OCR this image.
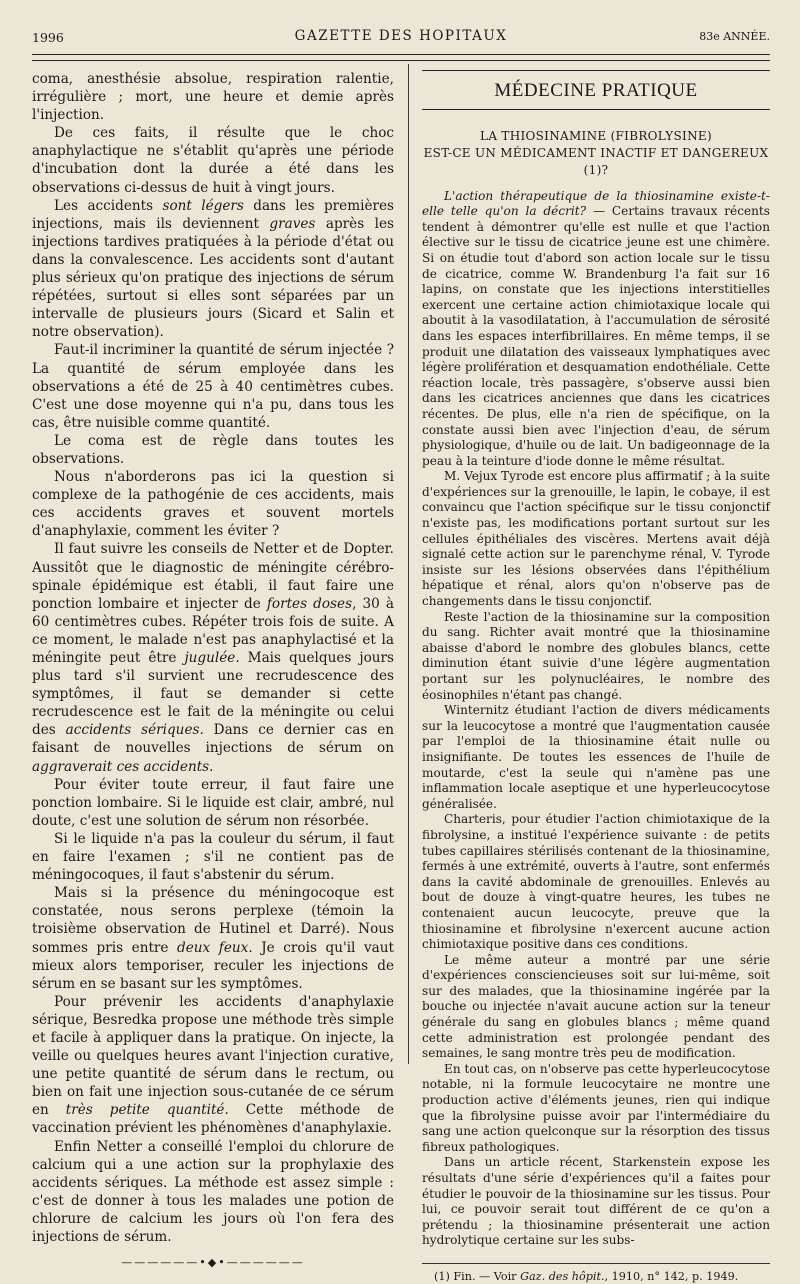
1996	GAZETTE DES HOPITAUX	83e ANNÉE.

coma, anesthésie absolue, respiration ralentie, irrégulière ; mort, une heure et demie après l'injection.

De ces faits, il résulte que le choc anaphylactique ne s'établit qu'après une période d'incubation dont la durée a été dans les observations ci-dessus de huit à vingt jours.

Les accidents sont légers dans les premières injections, mais ils deviennent graves après les injections tardives pratiquées à la période d'état ou dans la convalescence. Les accidents sont d'autant plus sérieux qu'on pratique des injections de sérum répétées, surtout si elles sont séparées par un intervalle de plusieurs jours (Sicard et Salin et notre observation).

Faut-il incriminer la quantité de sérum injectée ? La quantité de sérum employée dans les observations a été de 25 à 40 centimètres cubes. C'est une dose moyenne qui n'a pu, dans tous les cas, être nuisible comme quantité.

Le coma est de règle dans toutes les observations.

Nous n'aborderons pas ici la question si complexe de la pathogénie de ces accidents, mais ces accidents graves et souvent mortels d'anaphylaxie, comment les éviter ?

Il faut suivre les conseils de Netter et de Dopter. Aussitôt que le diagnostic de méningite cérébro-spinale épidémique est établi, il faut faire une ponction lombaire et injecter de fortes doses, 30 à 60 centimètres cubes. Répéter trois fois de suite. A ce moment, le malade n'est pas anaphylactisé et la méningite peut être jugulée. Mais quelques jours plus tard s'il survient une recrudescence des symptômes, il faut se demander si cette recrudescence est le fait de la méningite ou celui des accidents sériques. Dans ce dernier cas en faisant de nouvelles injections de sérum on aggraverait ces accidents.

Pour éviter toute erreur, il faut faire une ponction lombaire. Si le liquide est clair, ambré, nul doute, c'est une solution de sérum non résorbée.

Si le liquide n'a pas la couleur du sérum, il faut en faire l'examen ; s'il ne contient pas de méningocoques, il faut s'abstenir du sérum.

Mais si la présence du méningocoque est constatée, nous serons perplexe (témoin la troisième observation de Hutinel et Darré). Nous sommes pris entre deux feux. Je crois qu'il vaut mieux alors temporiser, reculer les injections de sérum en se basant sur les symptômes.

Pour prévenir les accidents d'anaphylaxie sérique, Besredka propose une méthode très simple et facile à appliquer dans la pratique. On injecte, la veille ou quelques heures avant l'injection curative, une petite quantité de sérum dans le rectum, ou bien on fait une injection sous-cutanée de ce sérum en très petite quantité. Cette méthode de vaccination prévient les phénomènes d'anaphylaxie.

Enfin Netter a conseillé l'emploi du chlorure de calcium qui a une action sur la prophylaxie des accidents sériques. La méthode est assez simple : c'est de donner à tous les malades une potion de chlorure de calcium les jours où l'on fera des injections de sérum.

——————•◆•——————
MÉDECINE PRATIQUE
LA THIOSINAMINE (FIBROLYSINE)
EST-CE UN MÉDICAMENT INACTIF ET DANGEREUX (1)?

L'action thérapeutique de la thiosinamine existe-t-elle telle qu'on la décrit? — Certains travaux récents tendent à démontrer qu'elle est nulle et que l'action élective sur le tissu de cicatrice jeune est une chimère. Si on étudie tout d'abord son action locale sur le tissu de cicatrice, comme W. Brandenburg l'a fait sur 16 lapins, on constate que les injections interstitielles exercent une certaine action chimiotaxique locale qui aboutit à la vasodilatation, à l'accumulation de sérosité dans les espaces interfibrillaires. En même temps, il se produit une dilatation des vaisseaux lymphatiques avec légère prolifération et desquamation endothéliale. Cette réaction locale, très passagère, s'observe aussi bien dans les cicatrices anciennes que dans les cicatrices récentes. De plus, elle n'a rien de spécifique, on la constate aussi bien avec l'injection d'eau, de sérum physiologique, d'huile ou de lait. Un badigeonnage de la peau à la teinture d'iode donne le même résultat.

M. Vejux Tyrode est encore plus affirmatif ; à la suite d'expériences sur la grenouille, le lapin, le cobaye, il est convaincu que l'action spécifique sur le tissu conjonctif n'existe pas, les modifications portant surtout sur les cellules épithéliales des viscères. Mertens avait déjà signalé cette action sur le parenchyme rénal, V. Tyrode insiste sur les lésions observées dans l'épithélium hépatique et rénal, alors qu'on n'observe pas de changements dans le tissu conjonctif.

Reste l'action de la thiosinamine sur la composition du sang. Richter avait montré que la thiosinamine abaisse d'abord le nombre des globules blancs, cette diminution étant suivie d'une légère augmentation portant sur les polynucléaires, le nombre des éosinophiles n'étant pas changé.

Winternitz étudiant l'action de divers médicaments sur la leucocytose a montré que l'augmentation causée par l'emploi de la thiosinamine était nulle ou insignifiante. De toutes les essences de l'huile de moutarde, c'est la seule qui n'amène pas une inflammation locale aseptique et une hyperleucocytose généralisée.

Charteris, pour étudier l'action chimiotaxique de la fibrolysine, a institué l'expérience suivante : de petits tubes capillaires stérilisés contenant de la thiosinamine, fermés à une extrémité, ouverts à l'autre, sont enfermés dans la cavité abdominale de grenouilles. Enlevés au bout de douze à vingt-quatre heures, les tubes ne contenaient aucun leucocyte, preuve que la thiosinamine et fibrolysine n'exercent aucune action chimiotaxique positive dans ces conditions.

Le même auteur a montré par une série d'expériences consciencieuses soit sur lui-même, soit sur des malades, que la thiosinamine ingérée par la bouche ou injectée n'avait aucune action sur la teneur générale du sang en globules blancs ; même quand cette administration est prolongée pendant des semaines, le sang montre très peu de modification.

En tout cas, on n'observe pas cette hyperleucocytose notable, ni la formule leucocytaire ne montre une production active d'éléments jeunes, rien qui indique que la fibrolysine puisse avoir par l'intermédiaire du sang une action quelconque sur la résorption des tissus fibreux pathologiques.

Dans un article récent, Starkenstein expose les résultats d'une série d'expériences qu'il a faites pour étudier le pouvoir de la thiosinamine sur les tissus. Pour lui, ce pouvoir serait tout différent de ce qu'on a prétendu ; la thiosinamine présenterait une action hydrolytique certaine sur les subs-

(1) Fin. — Voir Gaz. des hôpit., 1910, n° 142, p. 1949.
